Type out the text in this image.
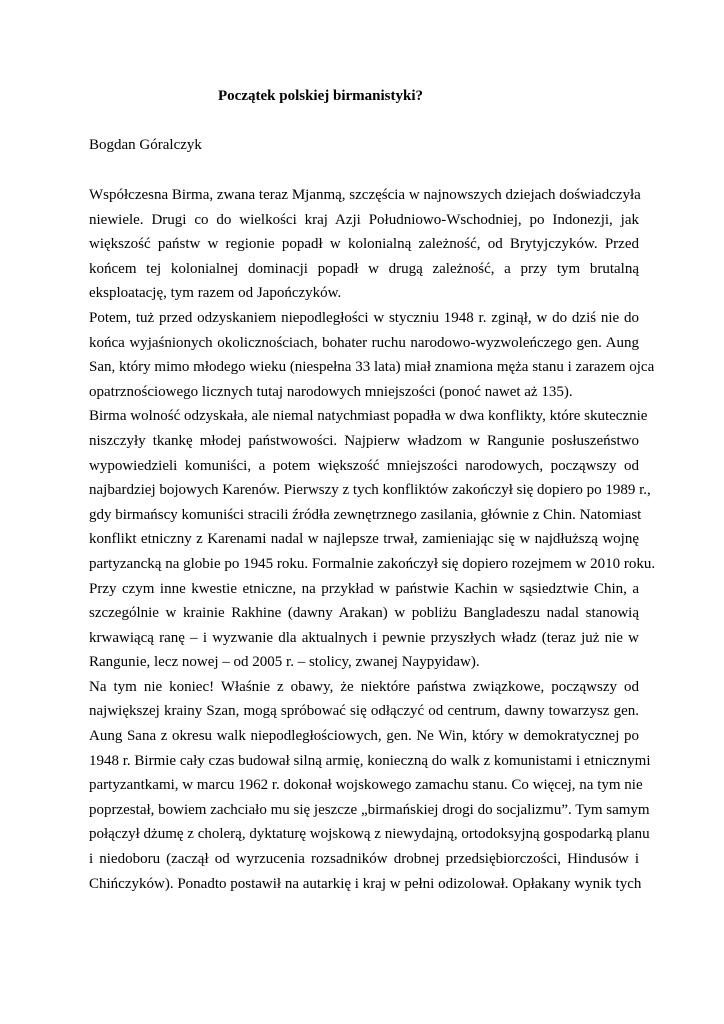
Początek polskiej birmanistyki?

Bogdan Góralczyk

Współczesna Birma, zwana teraz Mjanmą, szczęścia w najnowszych dziejach doświadczyła
niewiele. Drugi co do wielkości kraj Azji Południowo-Wschodniej, po Indonezji, jak
większość państw w regionie popadł w kolonialną zależność, od Brytyjczyków. Przed
końcem tej kolonialnej dominacji popadł w drugą zależność, a przy tym brutalną
eksploatację, tym razem od Japończyków.
Potem, tuż przed odzyskaniem niepodległości w styczniu 1948 r. zginął, w do dziś nie do
końca wyjaśnionych okolicznościach, bohater ruchu narodowo-wyzwoleńczego gen. Aung
San, który mimo młodego wieku (niespełna 33 lata) miał znamiona męża stanu i zarazem ojca
opatrznościowego licznych tutaj narodowych mniejszości (ponoć nawet aż 135).
Birma wolność odzyskała, ale niemal natychmiast popadła w dwa konflikty, które skutecznie
niszczyły tkankę młodej państwowości. Najpierw władzom w Rangunie posłuszeństwo
wypowiedzieli komuniści, a potem większość mniejszości narodowych, począwszy od
najbardziej bojowych Karenów. Pierwszy z tych konfliktów zakończył się dopiero po 1989 r.,
gdy birmańscy komuniści stracili źródła zewnętrznego zasilania, głównie z Chin. Natomiast
konflikt etniczny z Karenami nadal w najlepsze trwał, zamieniając się w najdłuższą wojnę
partyzancką na globie po 1945 roku. Formalnie zakończył się dopiero rozejmem w 2010 roku.
Przy czym inne kwestie etniczne, na przykład w państwie Kachin w sąsiedztwie Chin, a
szczególnie w krainie Rakhine (dawny Arakan) w pobliżu Bangladeszu nadal stanowią
krwawiącą ranę – i wyzwanie dla aktualnych i pewnie przyszłych władz (teraz już nie w
Rangunie, lecz nowej – od 2005 r. – stolicy, zwanej Naypyidaw).
Na tym nie koniec! Właśnie z obawy, że niektóre państwa związkowe, począwszy od
największej krainy Szan, mogą spróbować się odłączyć od centrum, dawny towarzysz gen.
Aung Sana z okresu walk niepodległościowych, gen. Ne Win, który w demokratycznej po
1948 r. Birmie cały czas budował silną armię, konieczną do walk z komunistami i etnicznymi
partyzantkami, w marcu 1962 r. dokonał wojskowego zamachu stanu. Co więcej, na tym nie
poprzestał, bowiem zachciało mu się jeszcze „birmańskiej drogi do socjalizmu”. Tym samym
połączył dżumę z cholerą, dyktaturę wojskową z niewydajną, ortodoksyjną gospodarką planu
i niedoboru (zaczął od wyrzucenia rozsadników drobnej przedsiębiorczości, Hindusów i
Chińczyków). Ponadto postawił na autarkię i kraj w pełni odizolował. Opłakany wynik tych
